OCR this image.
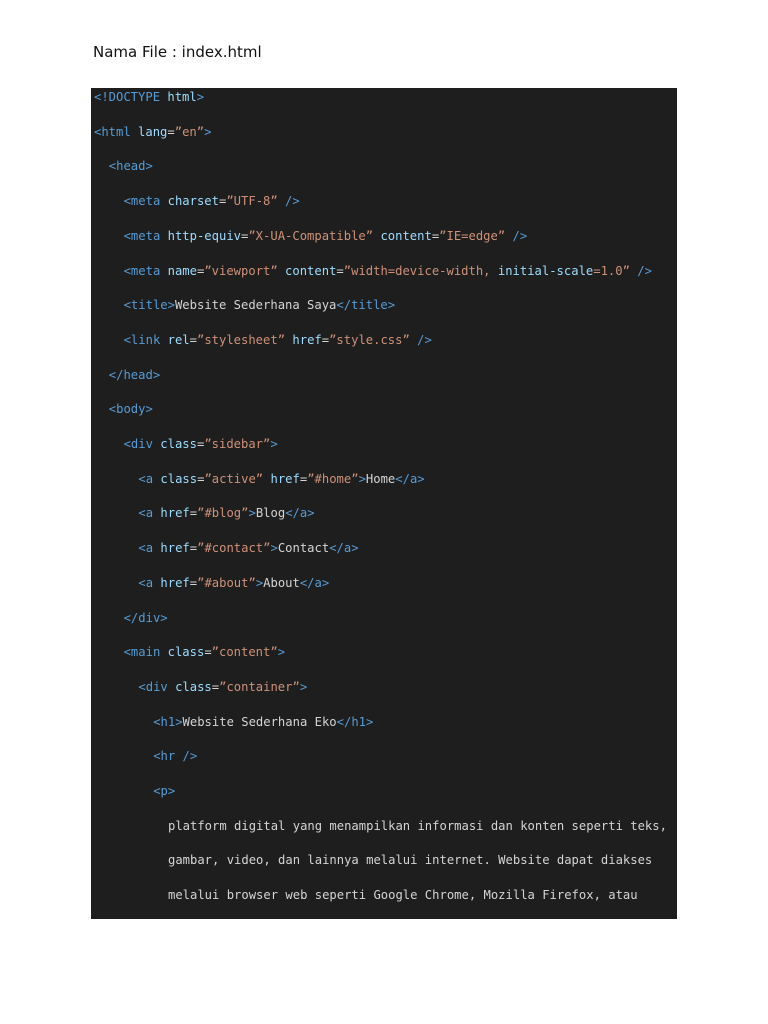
Nama File : index.html
<!DOCTYPE html>
<html lang=”en”>
<head>
<meta charset=”UTF-8” />
<meta http-equiv=”X-UA-Compatible” content=”IE=edge” />
<meta name=”viewport” content=”width=device-width, initial-scale=1.0” />
<title>Website Sederhana Saya</title>
<link rel=”stylesheet” href=”style.css” />
</head>
<body>
<div class=”sidebar”>
<a class=”active” href=”#home”>Home</a>
<a href=”#blog”>Blog</a>
<a href=”#contact”>Contact</a>
<a href=”#about”>About</a>
</div>
<main class=”content”>
<div class=”container”>
<h1>Website Sederhana Eko</h1>
<hr />
<p>
platform digital yang menampilkan informasi dan konten seperti teks,
gambar, video, dan lainnya melalui internet. Website dapat diakses
melalui browser web seperti Google Chrome, Mozilla Firefox, atau
